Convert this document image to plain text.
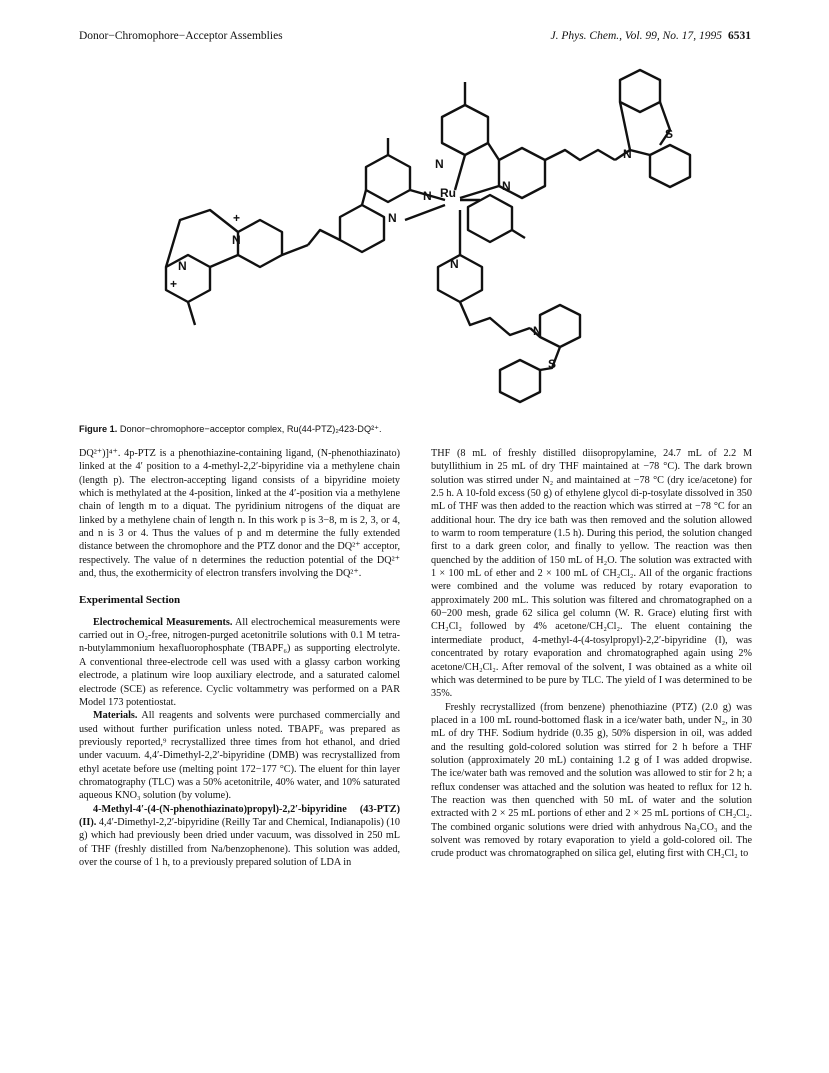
Donor−Chromophore−Acceptor Assemblies	J. Phys. Chem., Vol. 99, No. 17, 1995 6531
Ru
N
N
N
N
N
N
N
N
N
S
S
+
+
Figure 1. Donor−chromophore−acceptor complex, Ru(44-PTZ)₂423-DQ²⁺.

DQ²⁺)]⁴⁺. 4p-PTZ is a phenothiazine-containing ligand, (N-phenothiazinato) linked at the 4′ position to a 4-methyl-2,2′-bipyridine via a methylene chain (length p). The electron-accepting ligand consists of a bipyridine moiety which is methylated at the 4-position, linked at the 4′-position via a methylene chain of length m to a diquat. The pyridinium nitrogens of the diquat are linked by a methylene chain of length n. In this work p is 3−8, m is 2, 3, or 4, and n is 3 or 4. Thus the values of p and m determine the fully extended distance between the chromophore and the PTZ donor and the DQ²⁺ acceptor, respectively. The value of n determines the reduction potential of the DQ²⁺ and, thus, the exothermicity of electron transfers involving the DQ²⁺.

Experimental Section

Electrochemical Measurements. All electrochemical measurements were carried out in O₂-free, nitrogen-purged acetonitrile solutions with 0.1 M tetra-n-butylammonium hexafluorophosphate (TBAPF₆) as supporting electrolyte. A conventional three-electrode cell was used with a glassy carbon working electrode, a platinum wire loop auxiliary electrode, and a saturated calomel electrode (SCE) as reference. Cyclic voltammetry was performed on a PAR Model 173 potentiostat.

Materials. All reagents and solvents were purchased commercially and used without further purification unless noted. TBAPF₆ was prepared as previously reported,⁹ recrystallized three times from hot ethanol, and dried under vacuum. 4,4′-Dimethyl-2,2′-bipyridine (DMB) was recrystallized from ethyl acetate before use (melting point 172−177 °C). The eluent for thin layer chromatography (TLC) was a 50% acetonitrile, 40% water, and 10% saturated aqueous KNO₃ solution (by volume).

4-Methyl-4′-(4-(N-phenothiazinato)propyl)-2,2′-bipyridine (43-PTZ) (II). 4,4′-Dimethyl-2,2′-bipyridine (Reilly Tar and Chemical, Indianapolis) (10 g) which had previously been dried under vacuum, was dissolved in 250 mL of THF (freshly distilled from Na/benzophenone). This solution was added, over the course of 1 h, to a previously prepared solution of LDA in

THF (8 mL of freshly distilled diisopropylamine, 24.7 mL of 2.2 M butyllithium in 25 mL of dry THF maintained at −78 °C). The dark brown solution was stirred under N₂ and maintained at −78 °C (dry ice/acetone) for 2.5 h. A 10-fold excess (50 g) of ethylene glycol di-p-tosylate dissolved in 350 mL of THF was then added to the reaction which was stirred at −78 °C for an additional hour. The dry ice bath was then removed and the solution allowed to warm to room temperature (1.5 h). During this period, the solution changed first to a dark green color, and finally to yellow. The reaction was then quenched by the addition of 150 mL of H₂O. The solution was extracted with 1 × 100 mL of ether and 2 × 100 mL of CH₂Cl₂. All of the organic fractions were combined and the volume was reduced by rotary evaporation to approximately 200 mL. This solution was filtered and chromatographed on a 60−200 mesh, grade 62 silica gel column (W. R. Grace) eluting first with CH₂Cl₂ followed by 4% acetone/CH₂Cl₂. The eluent containing the intermediate product, 4-methyl-4-(4-tosylpropyl)-2,2′-bipyridine (I), was concentrated by rotary evaporation and chromatographed again using 2% acetone/CH₂Cl₂. After removal of the solvent, I was obtained as a white oil which was determined to be pure by TLC. The yield of I was determined to be 35%.

Freshly recrystallized (from benzene) phenothiazine (PTZ) (2.0 g) was placed in a 100 mL round-bottomed flask in a ice/water bath, under N₂, in 30 mL of dry THF. Sodium hydride (0.35 g), 50% dispersion in oil, was added and the resulting gold-colored solution was stirred for 2 h before a THF solution (approximately 20 mL) containing 1.2 g of I was added dropwise. The ice/water bath was removed and the solution was allowed to stir for 2 h; a reflux condenser was attached and the solution was heated to reflux for 12 h. The reaction was then quenched with 50 mL of water and the solution extracted with 2 × 25 mL portions of ether and 2 × 25 mL portions of CH₂Cl₂. The combined organic solutions were dried with anhydrous Na₂CO₃ and the solvent was removed by rotary evaporation to yield a gold-colored oil. The crude product was chromatographed on silica gel, eluting first with CH₂Cl₂ to
